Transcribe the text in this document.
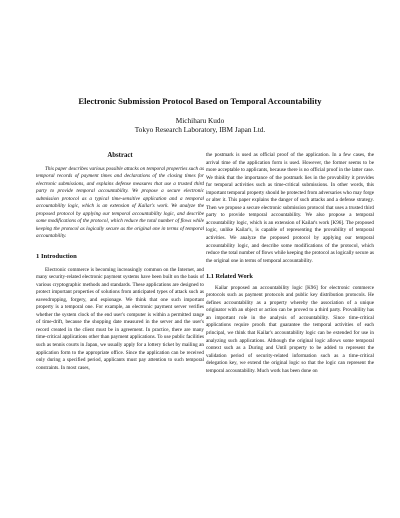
Electronic Submission Protocol Based on Temporal Accountability
Michiharu Kudo
Tokyo Research Laboratory, IBM Japan Ltd.
Abstract

This paper describes various possible attacks on temporal properties such as temporal records of payment times and declarations of the closing times for electronic submissions, and explains defense measures that use a trusted third party to provide temporal accountability. We propose a secure electronic submission protocol as a typical time-sensitive application and a temporal accountability logic, which is an extension of Kailar's work. We analyze the proposed protocol by applying our temporal accountability logic, and describe some modifications of the protocol, which reduce the total number of flows while keeping the protocol as logically secure as the original one in terms of temporal accountability.

1 Introduction

Electronic commerce is becoming increasingly common on the Internet, and many security-related electronic payment systems have been built on the basis of various cryptographic methods and standards. These applications are designed to protect important properties of solutions from anticipated types of attack such as eavesdropping, forgery, and espionage. We think that one such important property is a temporal one. For example, an electronic payment server verifies whether the system clock of the end user's computer is within a permitted range of time-drift, because the shopping date measured in the server and the user's record created in the client must be in agreement. In practice, there are many time-critical applications other than payment applications. To use public facilities such as tennis courts in Japan, we usually apply for a lottery ticket by mailing an application form to the appropriate office. Since the application can be received only during a specified period, applicants must pay attention to such temporal constraints. In most cases,

the postmark is used as official proof of the application. In a few cases, the arrival time of the application form is used. However, the former seems to be more acceptable to applicants, because there is no official proof in the latter case. We think that the importance of the postmark lies in the provability it provides for temporal activities such as time-critical submissions. In other words, this important temporal property should be protected from adversaries who may forge or alter it. This paper explains the danger of such attacks and a defense strategy. Then we propose a secure electronic submission protocol that uses a trusted third party to provide temporal accountability. We also propose a temporal accountability logic, which is an extension of Kailar's work [K96]. The proposed logic, unlike Kailar's, is capable of representing the provability of temporal activities. We analyze the proposed protocol by applying our temporal accountability logic, and describe some modifications of the protocol, which reduce the total number of flows while keeping the protocol as logically secure as the original one in terms of temporal accountability.

1.1 Related Work

Kailar proposed an accountability logic [K96] for electronic commerce protocols such as payment protocols and public key distribution protocols. He defines accountability as a property whereby the association of a unique originator with an object or action can be proved to a third party. Provability has an important role in the analysis of accountability. Since time-critical applications require proofs that guarantee the temporal activities of each principal, we think that Kailar's accountability logic can be extended for use in analyzing such applications. Although the original logic allows some temporal context such as a During and Until property to be added to represent the validation period of security-related information such as a time-critical delegation key, we extend the original logic so that the logic can represent the temporal accountability. Much work has been done on
